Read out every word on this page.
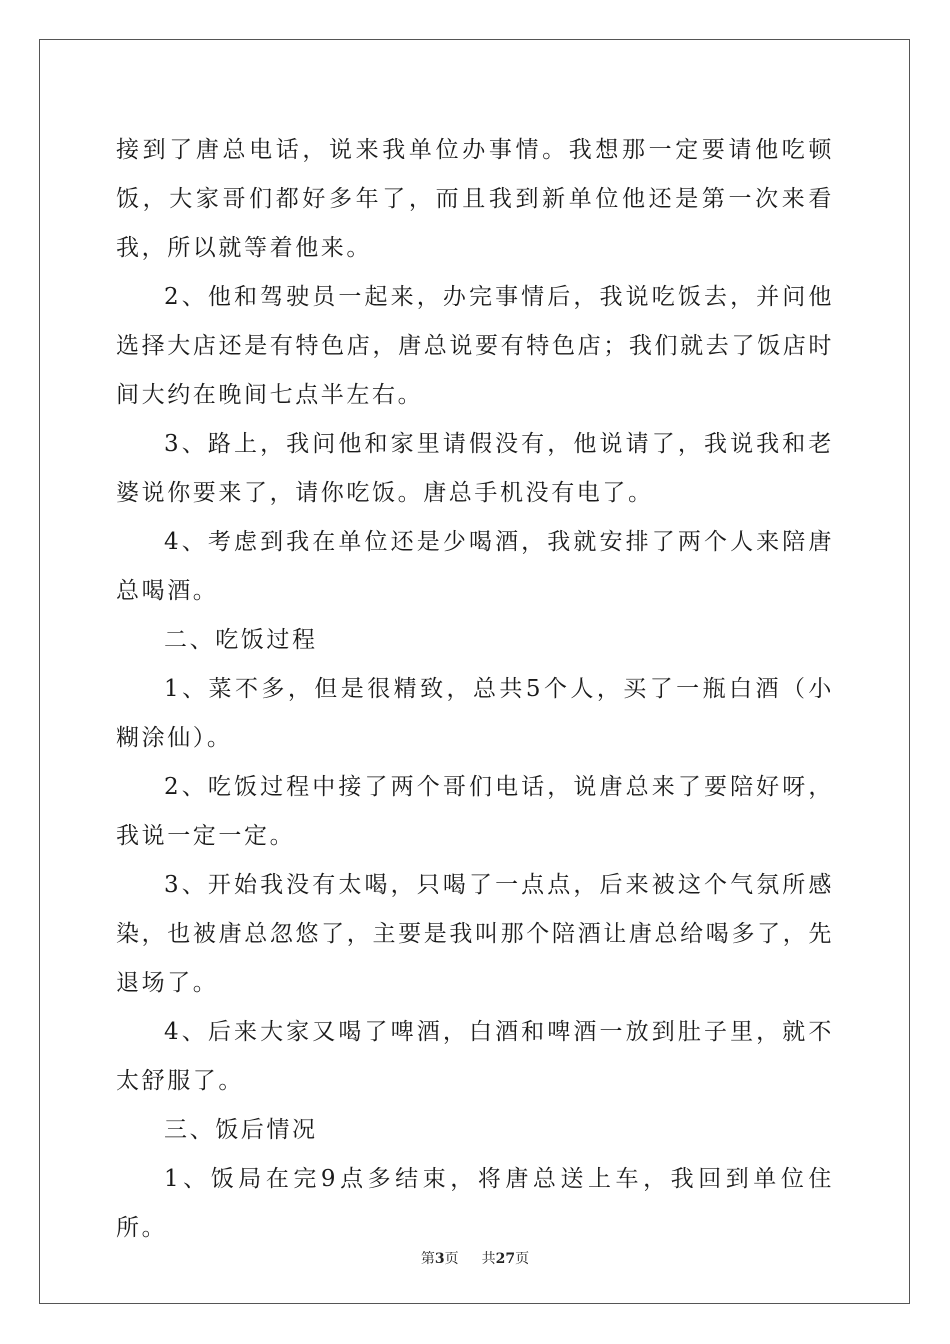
接到了唐总电话，说来我单位办事情。我想那一定要请他吃顿饭，大家哥们都好多年了，而且我到新单位他还是第一次来看我，所以就等着他来。

2、他和驾驶员一起来，办完事情后，我说吃饭去，并问他选择大店还是有特色店，唐总说要有特色店；我们就去了饭店时间大约在晚间七点半左右。

3、路上，我问他和家里请假没有，他说请了，我说我和老婆说你要来了，请你吃饭。唐总手机没有电了。

4、考虑到我在单位还是少喝酒，我就安排了两个人来陪唐总喝酒。

二、吃饭过程

1、菜不多，但是很精致，总共5个人，买了一瓶白酒（小糊涂仙）。

2、吃饭过程中接了两个哥们电话，说唐总来了要陪好呀，我说一定一定。

3、开始我没有太喝，只喝了一点点，后来被这个气氛所感染，也被唐总忽悠了，主要是我叫那个陪酒让唐总给喝多了，先退场了。

4、后来大家又喝了啤酒，白酒和啤酒一放到肚子里，就不太舒服了。

三、饭后情况

1、饭局在完9点多结束，将唐总送上车，我回到单位住所。

第3页 共27页
